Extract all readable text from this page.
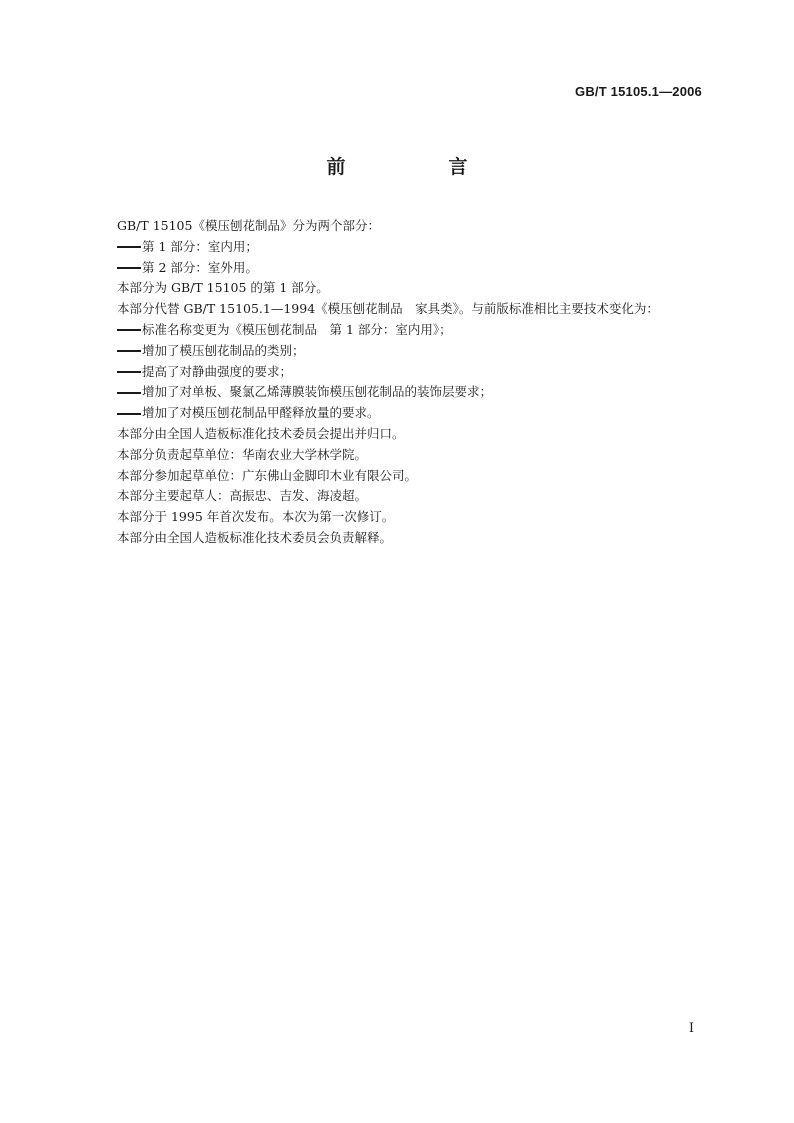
GB/T 15105.1—2006
前　言
GB/T 15105《模压刨花制品》分为两个部分：
第 1 部分：室内用；
第 2 部分：室外用。
本部分为 GB/T 15105 的第 1 部分。
本部分代替 GB/T 15105.1—1994《模压刨花制品　家具类》。与前版标准相比主要技术变化为：
标准名称变更为《模压刨花制品　第 1 部分：室内用》；
增加了模压刨花制品的类别；
提高了对静曲强度的要求；
增加了对单板、聚氯乙烯薄膜装饰模压刨花制品的装饰层要求；
增加了对模压刨花制品甲醛释放量的要求。
本部分由全国人造板标准化技术委员会提出并归口。
本部分负责起草单位：华南农业大学林学院。
本部分参加起草单位：广东佛山金脚印木业有限公司。
本部分主要起草人：高振忠、吉发、海凌超。
本部分于 1995 年首次发布。本次为第一次修订。
本部分由全国人造板标准化技术委员会负责解释。
I
